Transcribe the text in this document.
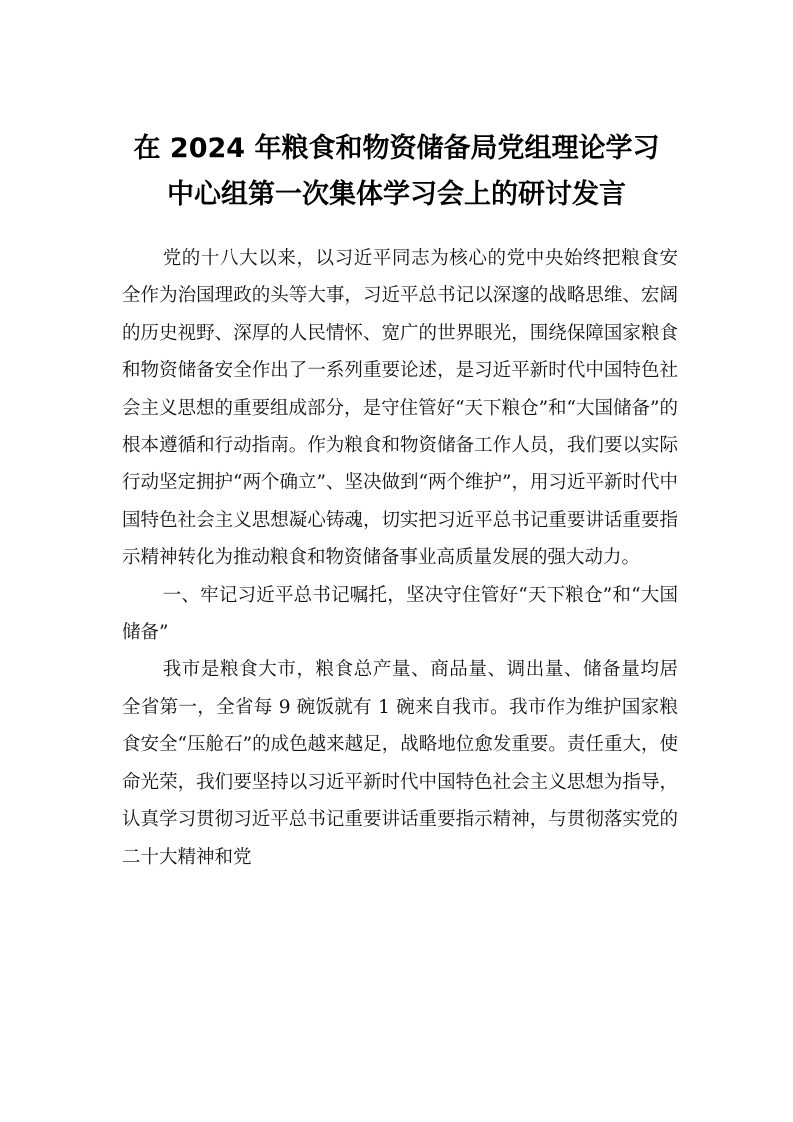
在 2024 年粮食和物资储备局党组理论学习
中心组第一次集体学习会上的研讨发言

党的十八大以来，以习近平同志为核心的党中央始终把粮食安全作为治国理政的头等大事，习近平总书记以深邃的战略思维、宏阔的历史视野、深厚的人民情怀、宽广的世界眼光，围绕保障国家粮食和物资储备安全作出了一系列重要论述，是习近平新时代中国特色社会主义思想的重要组成部分，是守住管好“天下粮仓”和“大国储备”的根本遵循和行动指南。作为粮食和物资储备工作人员，我们要以实际行动坚定拥护“两个确立”、坚决做到“两个维护”，用习近平新时代中国特色社会主义思想凝心铸魂，切实把习近平总书记重要讲话重要指示精神转化为推动粮食和物资储备事业高质量发展的强大动力。

一、牢记习近平总书记嘱托，坚决守住管好“天下粮仓”和“大国储备”

我市是粮食大市，粮食总产量、商品量、调出量、储备量均居全省第一，全省每 9 碗饭就有 1 碗来自我市。我市作为维护国家粮食安全“压舱石”的成色越来越足，战略地位愈发重要。责任重大，使命光荣，我们要坚持以习近平新时代中国特色社会主义思想为指导，认真学习贯彻习近平总书记重要讲话重要指示精神，与贯彻落实党的二十大精神和党
